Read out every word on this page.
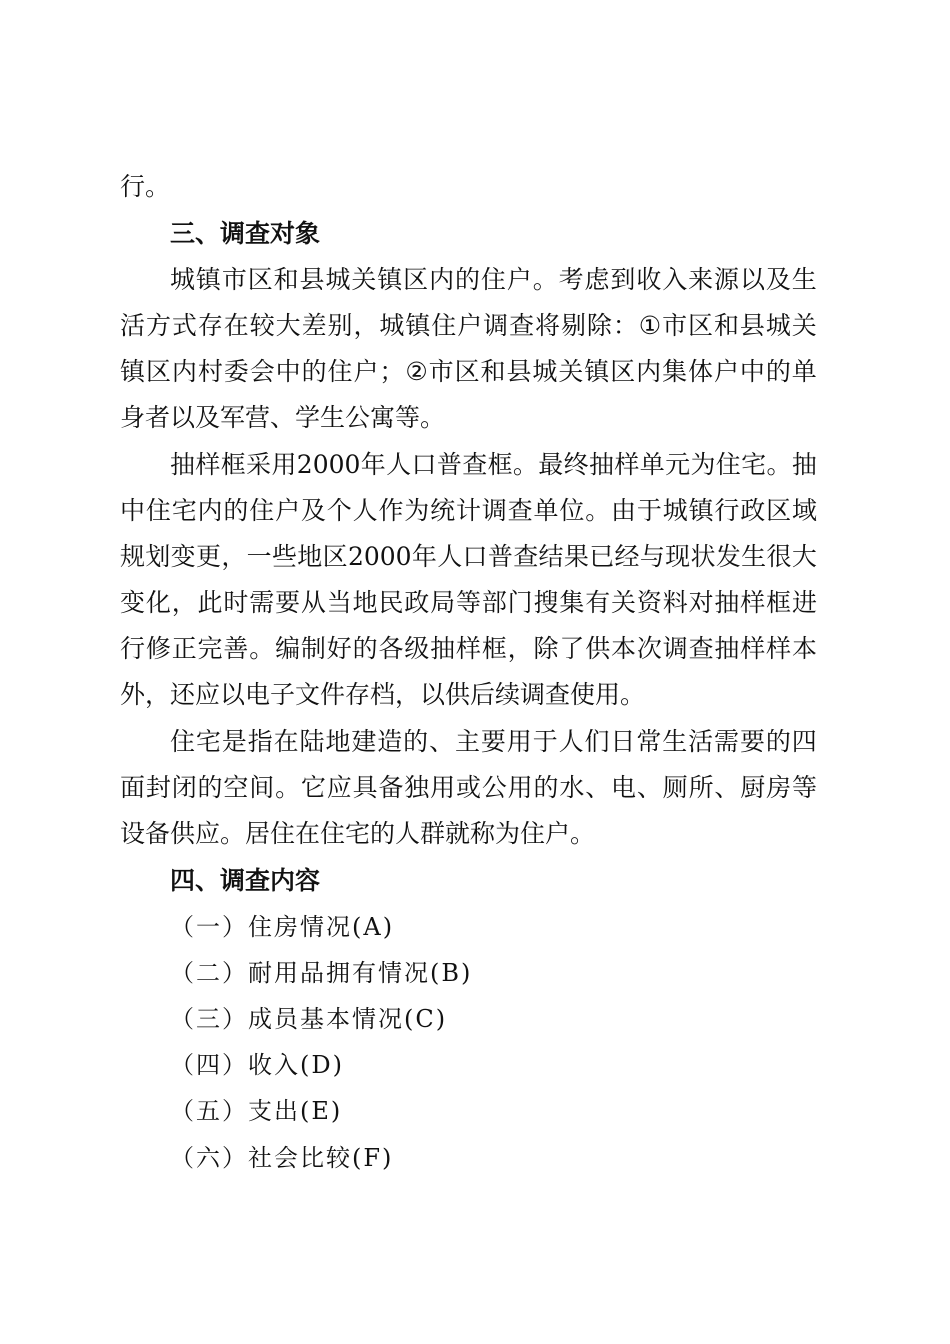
行。
三、调查对象
城 镇 市 区 和 县 城 关 镇 区 内 的 住 户 。 考 虑 到 收 入 来 源 以 及 生
活 方 式 存 在 较 大 差 别 ， 城 镇 住 户 调 查 将 剔 除 ： ① 市 区 和 县 城 关
镇 区 内 村 委 会 中 的 住 户 ； ② 市 区 和 县 城 关 镇 区 内 集 体 户 中 的 单
身者以及军营、学生公寓等。
抽 样 框 采 用 2000 年 人 口 普 查 框 。 最 终 抽 样 单 元 为 住 宅 。 抽
中 住 宅 内 的 住 户 及 个 人 作 为 统 计 调 查 单 位 。 由 于 城 镇 行 政 区 域
规 划 变 更 ， 一 些 地 区 2000 年 人 口 普 查 结 果 已 经 与 现 状 发 生 很 大
变 化 ， 此 时 需 要 从 当 地 民 政 局 等 部 门 搜 集 有 关 资 料 对 抽 样 框 进
行 修 正 完 善 。 编 制 好 的 各 级 抽 样 框 ， 除 了 供 本 次 调 查 抽 样 样 本
外，还应以电子文件存档，以供后续调查使用。
住 宅 是 指 在 陆 地 建 造 的 、 主 要 用 于 人 们 日 常 生 活 需 要 的 四
面 封 闭 的 空 间 。 它 应 具 备 独 用 或 公 用 的 水 、 电 、 厕 所 、 厨 房 等
设备供应。居住在住宅的人群就称为住户。
四、调查内容
（一）住房情况(A)
（二）耐用品拥有情况(B)
（三）成员基本情况(C)
（四）收入(D)
（五）支出(E)
（六）社会比较(F)
